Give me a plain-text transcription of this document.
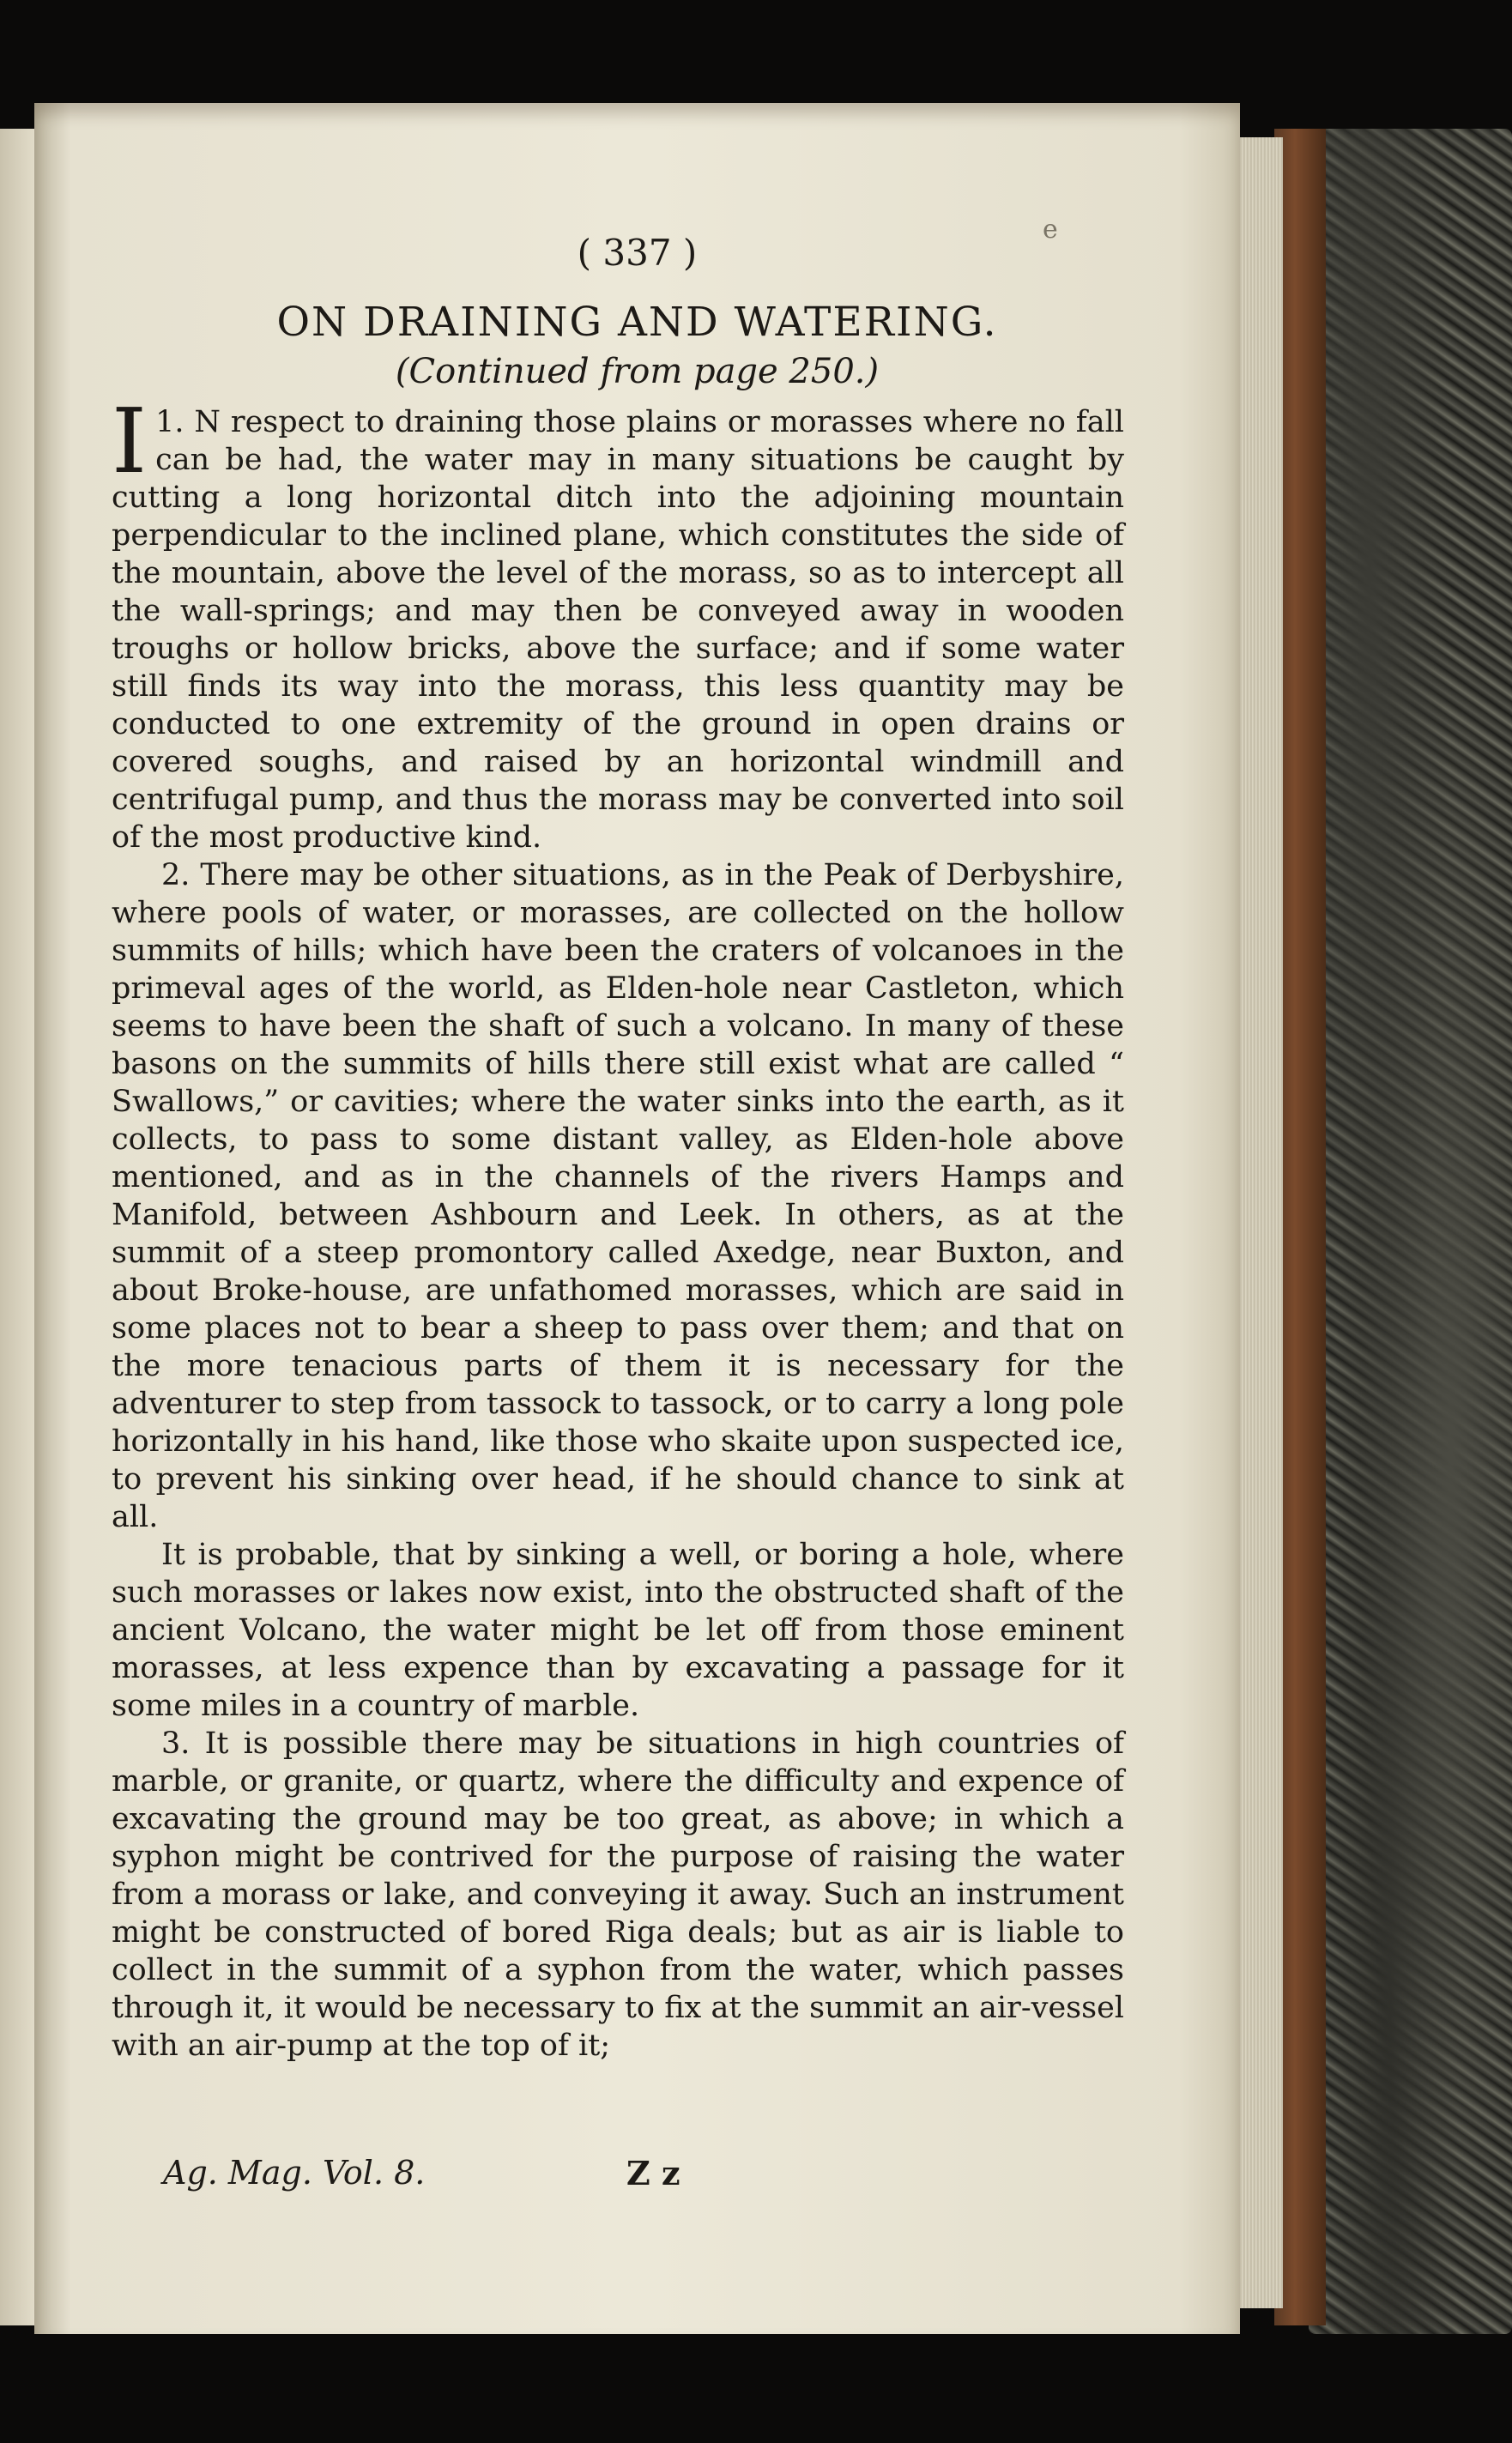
( 337 )
e
ON DRAINING AND WATERING.
(Continued from page 250.)

1.
I N respect to draining those plains or morasses where no fall can be had, the water may in many situations be caught by cutting a long horizontal ditch into the adjoining mountain perpendicular to the inclined plane, which constitutes the side of the mountain, above the level of the morass, so as to intercept all the wall-springs; and may then be conveyed away in wooden troughs or hollow bricks, above the surface; and if some water still finds its way into the morass, this less quantity may be conducted to one extremity of the ground in open drains or covered soughs, and raised by an horizontal windmill and centrifugal pump, and thus the morass may be converted into soil of the most productive kind.

2. There may be other situations, as in the Peak of Derbyshire, where pools of water, or morasses, are collected on the hollow summits of hills; which have been the craters of volcanoes in the primeval ages of the world, as Elden-hole near Castleton, which seems to have been the shaft of such a volcano. In many of these basons on the summits of hills there still exist what are called “ Swallows,” or cavities; where the water sinks into the earth, as it collects, to pass to some distant valley, as Elden-hole above mentioned, and as in the channels of the rivers Hamps and Manifold, between Ashbourn and Leek. In others, as at the summit of a steep promontory called Axedge, near Buxton, and about Broke-house, are unfathomed morasses, which are said in some places not to bear a sheep to pass over them; and that on the more tenacious parts of them it is necessary for the adventurer to step from tassock to tassock, or to carry a long pole horizontally in his hand, like those who skaite upon suspected ice, to prevent his sinking over head, if he should chance to sink at all.

It is probable, that by sinking a well, or boring a hole, where such morasses or lakes now exist, into the obstructed shaft of the ancient Volcano, the water might be let off from those eminent morasses, at less expence than by excavating a passage for it some miles in a country of marble.

3. It is possible there may be situations in high countries of marble, or granite, or quartz, where the difficulty and expence of excavating the ground may be too great, as above; in which a syphon might be contrived for the purpose of raising the water from a morass or lake, and conveying it away. Such an instrument might be constructed of bored Riga deals; but as air is liable to collect in the summit of a syphon from the water, which passes through it, it would be necessary to fix at the summit an air-vessel with an air-pump at the top of it;

Ag. Mag. Vol. 8.	Z z
